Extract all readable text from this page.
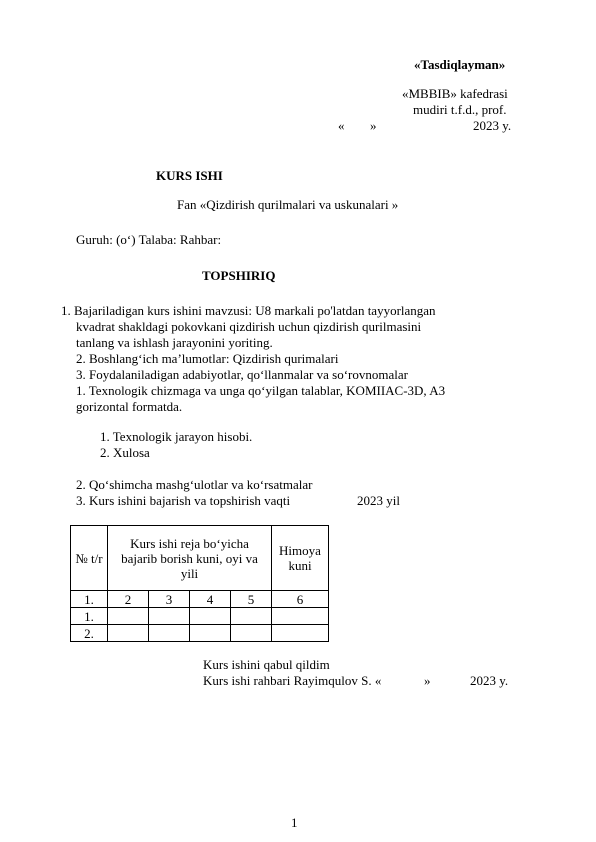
«Tasdiqlayman»
«MBBIB» kafedrasi
mudiri t.f.d., prof.
« »	2023 y.
KURS ISHI
Fan «Qizdirish qurilmalari va uskunalari »
Guruh: (o‘) Talaba: Rahbar:
TOPSHIRIQ
1. Bajariladigan kurs ishini mavzusi: U8 markali po'latdan tayyorlangan
kvadrat shakldagi pokovkani qizdirish uchun qizdirish qurilmasini
tanlang va ishlash jarayonini yoriting.
2. Boshlang‘ich ma’lumotlar: Qizdirish qurimalari
3. Foydalaniladigan adabiyotlar, qo‘llanmalar va so‘rovnomalar
1. Texnologik chizmaga va unga qo‘yilgan talablar, KOMIIAC-3D, A3
gorizontal formatda.
1. Texnologik jarayon hisobi.
2. Xulosa
2. Qo‘shimcha mashg‘ulotlar va ko‘rsatmalar
3. Kurs ishini bajarish va topshirish vaqti	2023 yil
№ t/r	Kurs ishi reja bo‘yicha bajarib borish kuni, oyi va yili				Himoya kuni
1.	2	3	4	5	6
1.					
2.					
Kurs ishini qabul qildim
Kurs ishi rahbari Rayimqulov S. «	»	2023 y.
1
